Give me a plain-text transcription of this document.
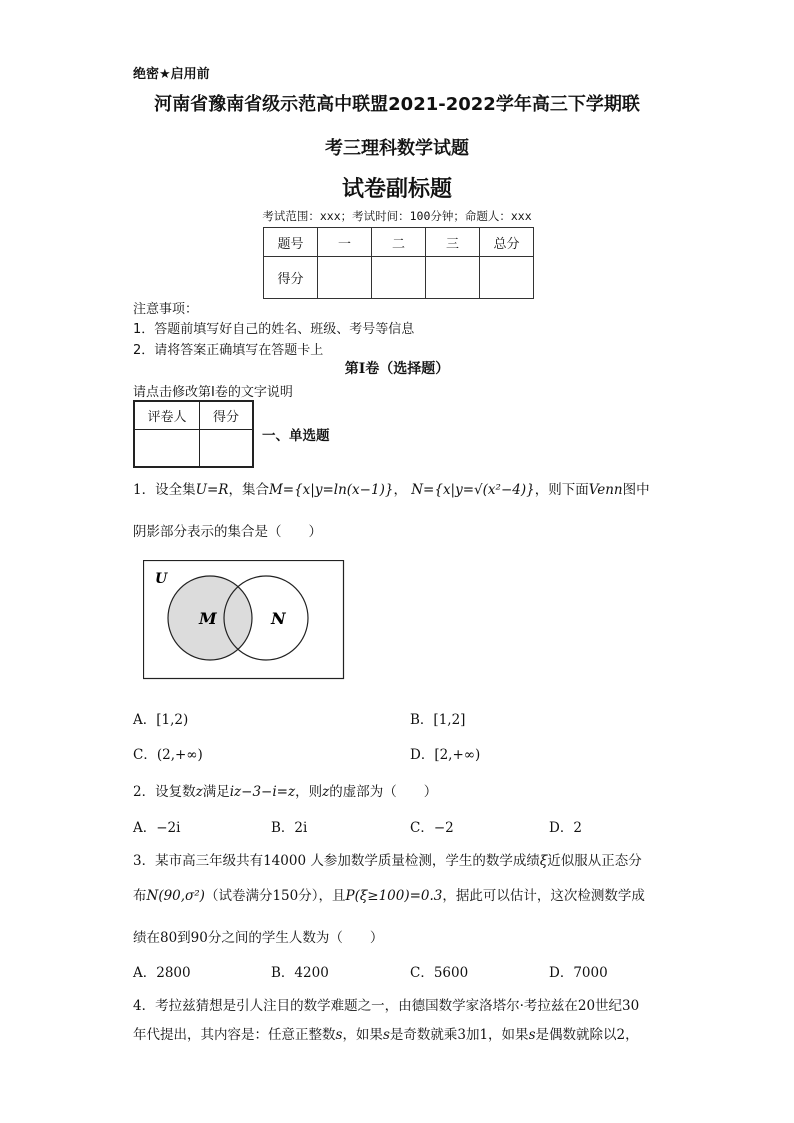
绝密★启用前
河南省豫南省级示范高中联盟2021-2022学年高三下学期联
考三理科数学试题
试卷副标题
考试范围：xxx；考试时间：100分钟；命题人：xxx
题号	一	二	三	总分
得分				
注意事项：
1．答题前填写好自己的姓名、班级、考号等信息
2．请将答案正确填写在答题卡上
第I卷（选择题）
请点击修改第I卷的文字说明
评卷人	得分

一、单选题
1．设全集U=R，集合M={x|y=ln(x−1)}， N={x|y=√(x²−4)}，则下面Venn图中
阴影部分表示的集合是（　　）
U
M	N
A．[1,2)	B．[1,2]
C．(2,+∞)	D．[2,+∞)
2．设复数z满足iz−3−i=z，则z的虚部为（　　）
A．−2i	B．2i	C．−2	D．2
3．某市高三年级共有14000 人参加数学质量检测，学生的数学成绩ξ近似服从正态分
布N(90,σ²)（试卷满分150分），且P(ξ≥100)=0.3，据此可以估计，这次检测数学成
绩在80到90分之间的学生人数为（　　）
A．2800	B．4200	C．5600	D．7000
4．考拉兹猜想是引人注目的数学难题之一，由德国数学家洛塔尔·考拉兹在20世纪30
年代提出，其内容是：任意正整数s，如果s是奇数就乘3加1，如果s是偶数就除以2，
